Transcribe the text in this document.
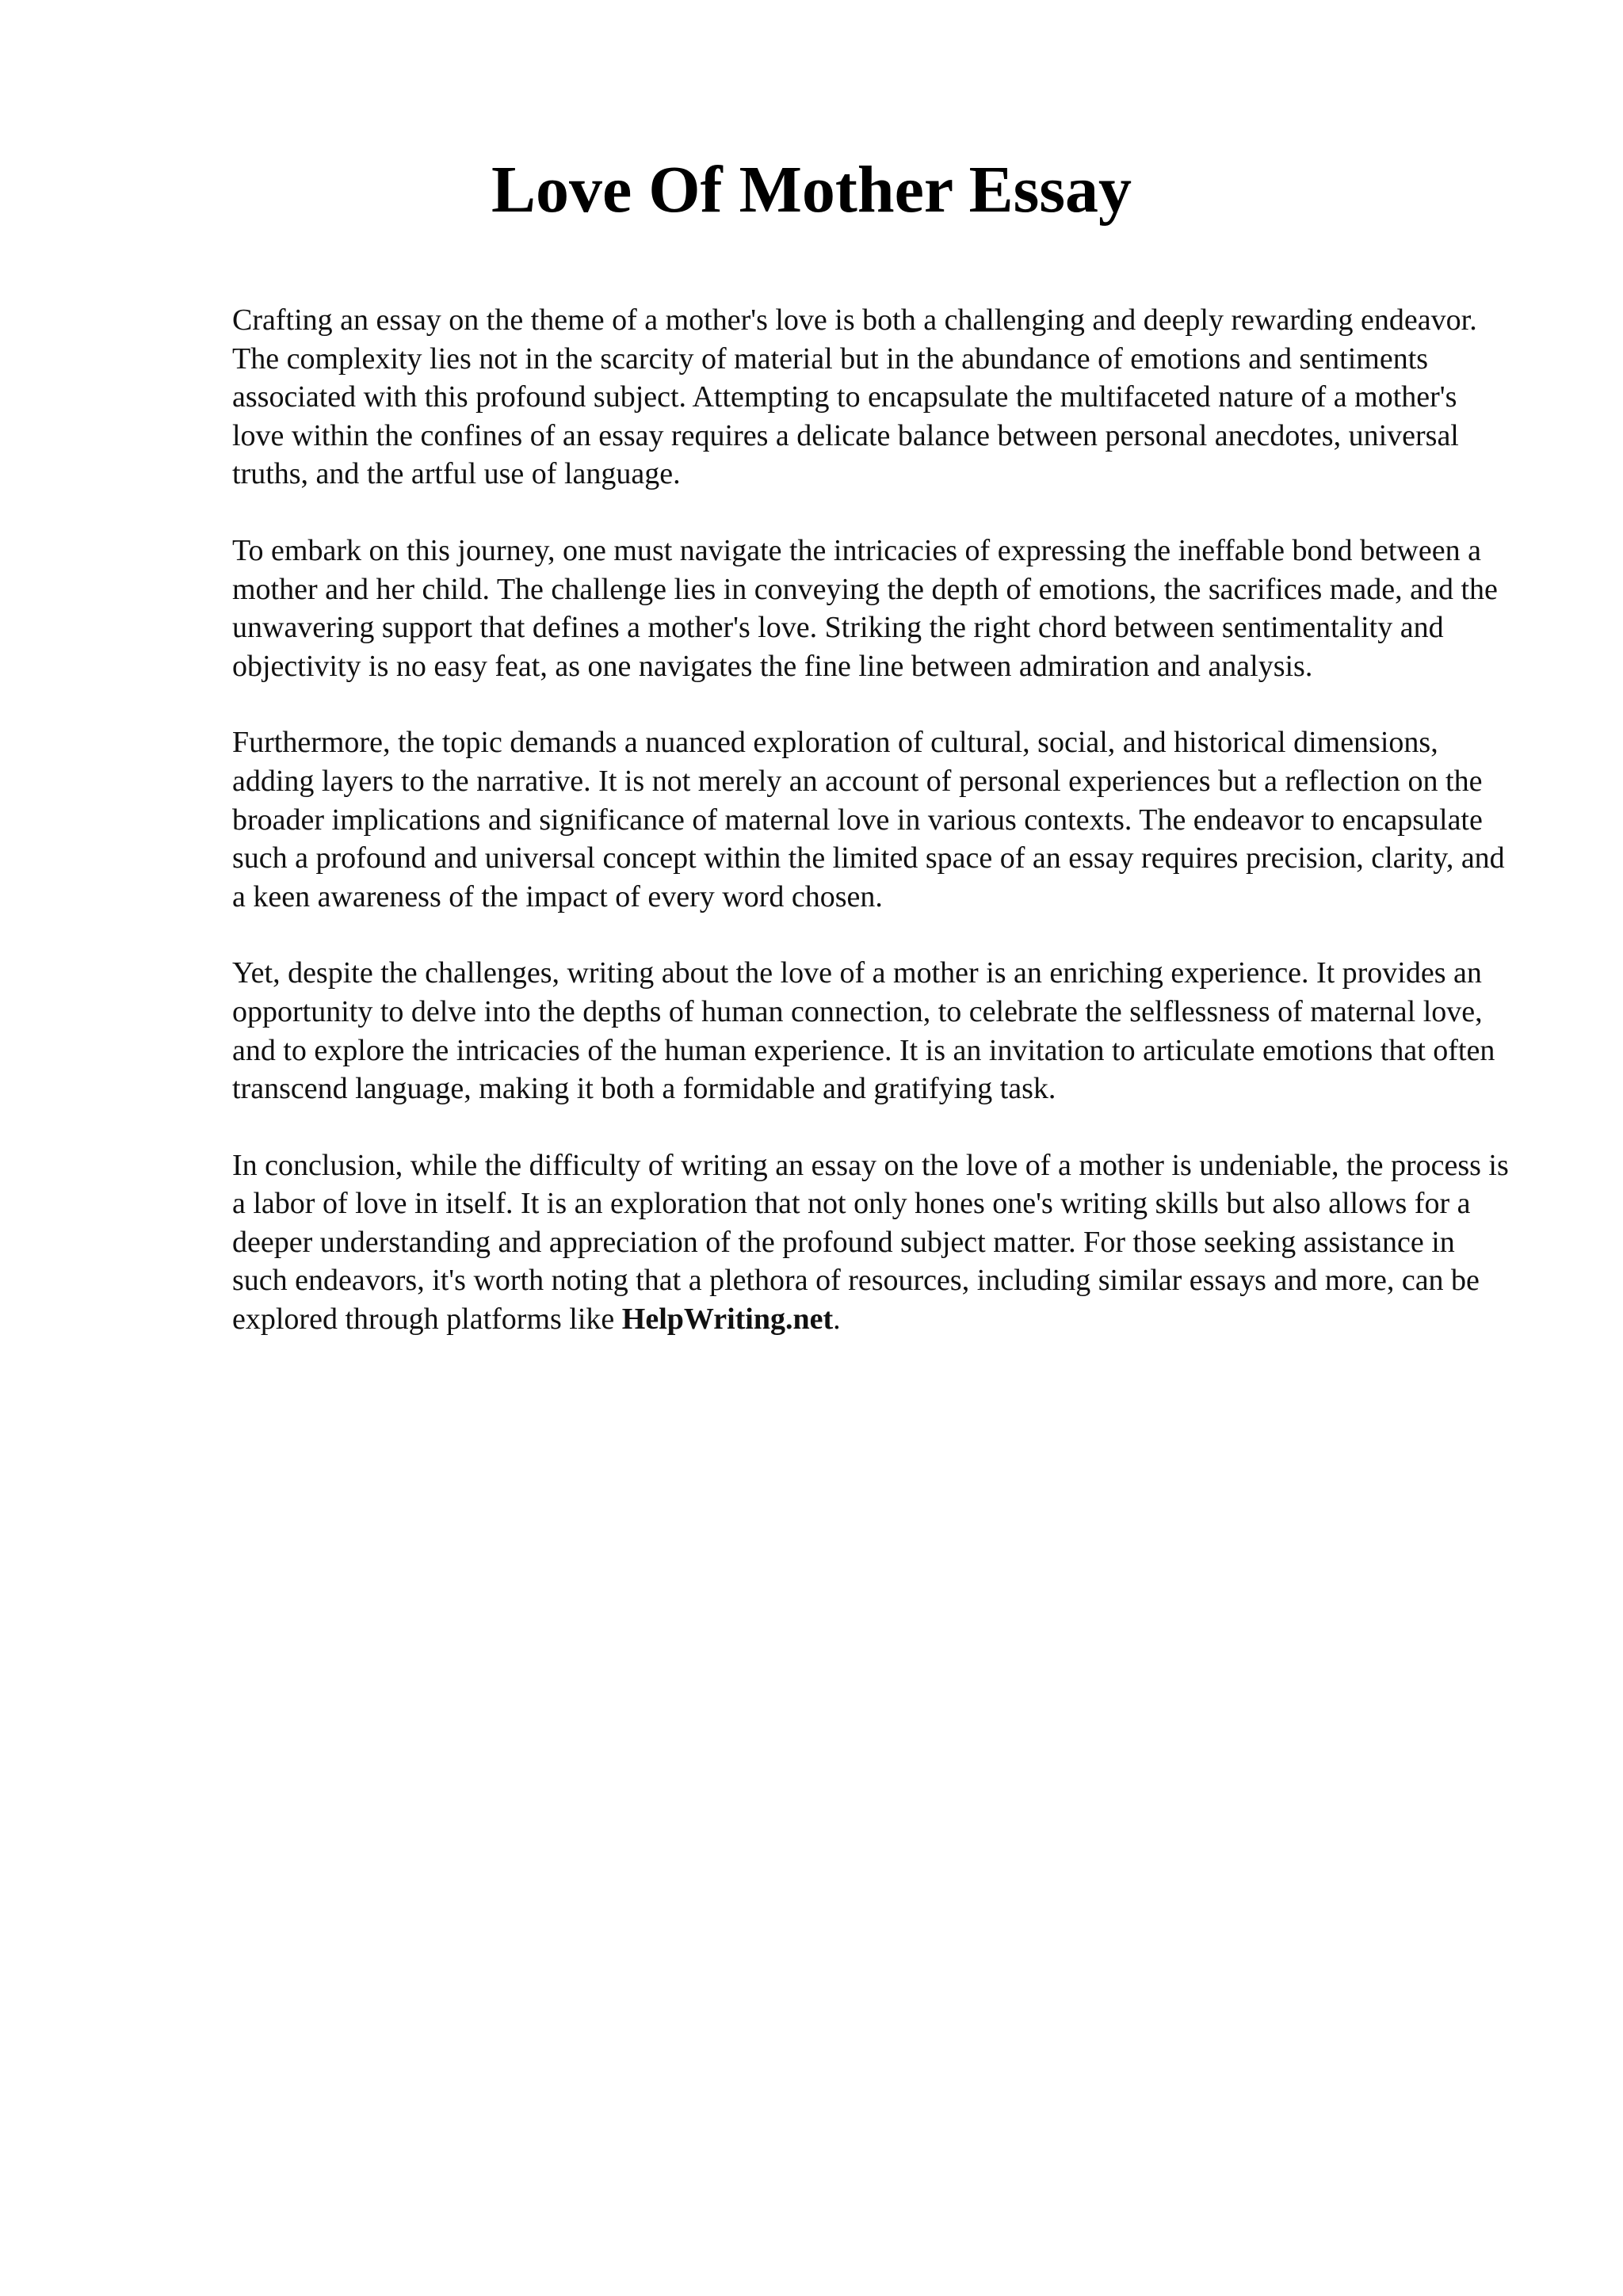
Love Of Mother Essay

Crafting an essay on the theme of a mother's love is both a challenging and deeply rewarding endeavor. The complexity lies not in the scarcity of material but in the abundance of emotions and sentiments associated with this profound subject. Attempting to encapsulate the multifaceted nature of a mother's love within the confines of an essay requires a delicate balance between personal anecdotes, universal truths, and the artful use of language.

To embark on this journey, one must navigate the intricacies of expressing the ineffable bond between a mother and her child. The challenge lies in conveying the depth of emotions, the sacrifices made, and the unwavering support that defines a mother's love. Striking the right chord between sentimentality and objectivity is no easy feat, as one navigates the fine line between admiration and analysis.

Furthermore, the topic demands a nuanced exploration of cultural, social, and historical dimensions, adding layers to the narrative. It is not merely an account of personal experiences but a reflection on the broader implications and significance of maternal love in various contexts. The endeavor to encapsulate such a profound and universal concept within the limited space of an essay requires precision, clarity, and a keen awareness of the impact of every word chosen.

Yet, despite the challenges, writing about the love of a mother is an enriching experience. It provides an opportunity to delve into the depths of human connection, to celebrate the selflessness of maternal love, and to explore the intricacies of the human experience. It is an invitation to articulate emotions that often transcend language, making it both a formidable and gratifying task.

In conclusion, while the difficulty of writing an essay on the love of a mother is undeniable, the process is a labor of love in itself. It is an exploration that not only hones one's writing skills but also allows for a deeper understanding and appreciation of the profound subject matter. For those seeking assistance in such endeavors, it's worth noting that a plethora of resources, including similar essays and more, can be explored through platforms like HelpWriting.net.
